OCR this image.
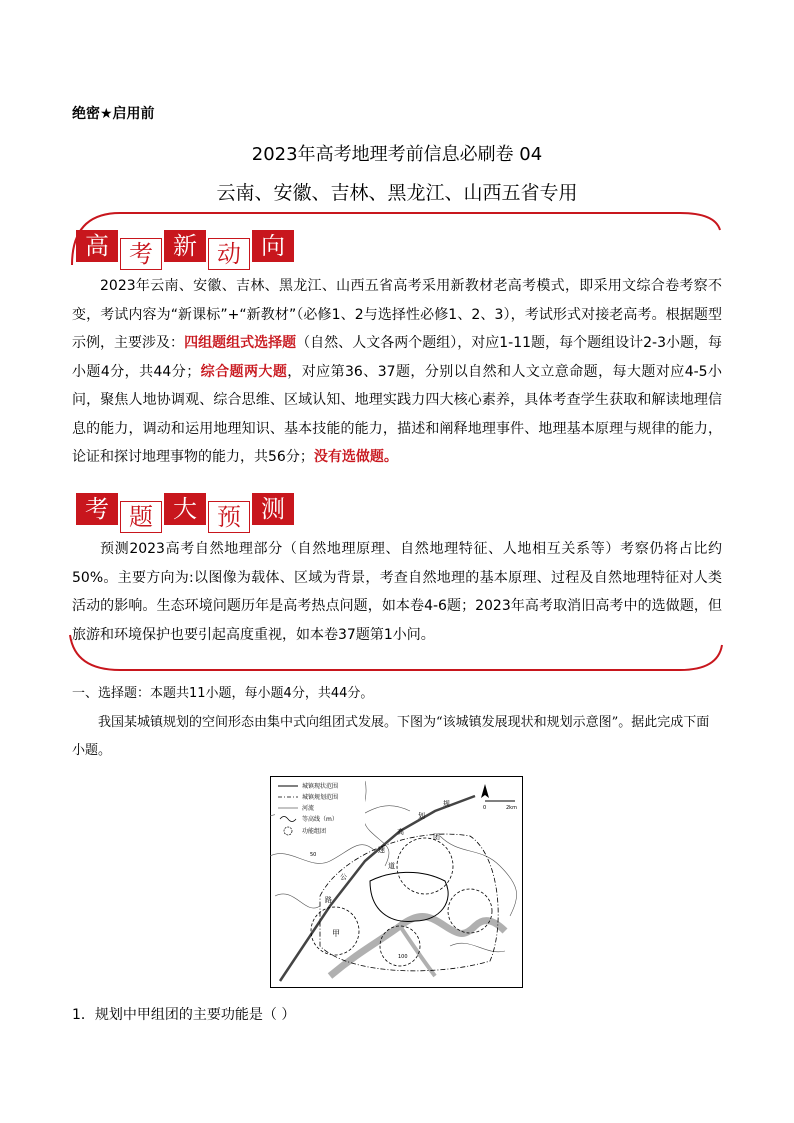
绝密★启用前
2023年高考地理考前信息必刷卷 04
云南、安徽、吉林、黑龙江、山西五省专用
高 考 新 动 向

2023年云南、安徽、吉林、黑龙江、山西五省高考采用新教材老高考模式，即采用文综合卷考察不变，考试内容为“新课标”+“新教材”（必修1、2与选择性必修1、2、3），考试形式对接老高考。根据题型示例，主要涉及：四组题组式选择题（自然、人文各两个题组），对应1-11题，每个题组设计2-3小题，每小题4分，共44分；综合题两大题，对应第36、37题，分别以自然和人文立意命题，每大题对应4-5小问，聚焦人地协调观、综合思维、区域认知、地理实践力四大核心素养，具体考查学生获取和解读地理信息的能力，调动和运用地理知识、基本技能的能力，描述和阐释地理事件、地理基本原理与规律的能力，论证和探讨地理事物的能力，共56分；没有选做题。

考 题 大 预 测

预测2023高考自然地理部分（自然地理原理、自然地理特征、人地相互关系等）考察仍将占比约50%。主要方向为:以图像为载体、区域为背景，考查自然地理的基本原理、过程及自然地理特征对人类活动的影响。生态环境问题历年是高考热点问题，如本卷4-6题；2023年高考取消旧高考中的选做题，但旅游和环境保护也要引起高度重视，如本卷37题第1小问。

一、选择题：本题共11小题，每小题4分，共44分。

我国某城镇规划的空间形态由集中式向组团式发展。下图为“该城镇发展现状和规划示意图”。据此完成下面小题。

城镇现状范围
城镇规划范围
河流
等高线（m）
功能组团
0	2km
规
划
高
速
公
路
甲
团
道
50
100
1．规划中甲组团的主要功能是（ ）
